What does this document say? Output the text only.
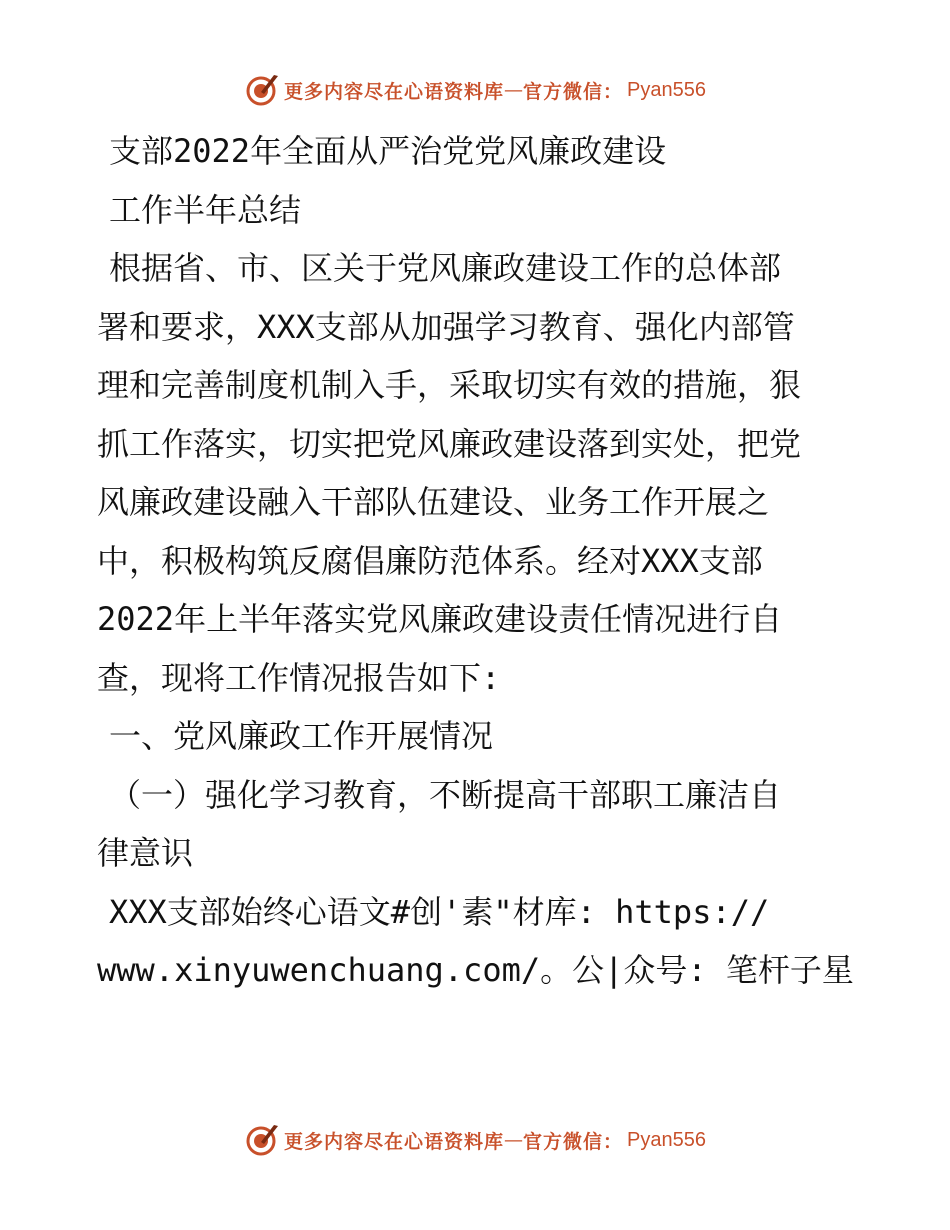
更多内容尽在心语资料库 — 官方微信： Pyan556
支部2022年全面从严治党党风廉政建设
工作半年总结
根据省、市、区关于党风廉政建设工作的总体部
署和要求，XXX支部从加强学习教育、强化内部管
理和完善制度机制入手，采取切实有效的措施，狠
抓工作落实，切实把党风廉政建设落到实处，把党
风廉政建设融入干部队伍建设、业务工作开展之
中，积极构筑反腐倡廉防范体系。经对XXX支部
2022年上半年落实党风廉政建设责任情况进行自
查，现将工作情况报告如下:
一、党风廉政工作开展情况
（一）强化学习教育，不断提高干部职工廉洁自
律意识
XXX支部始终心语文#创'素"材库: https://
www.xinyuwenchuang.com/。公|众号: 笔杆子星
更多内容尽在心语资料库 — 官方微信： Pyan556
